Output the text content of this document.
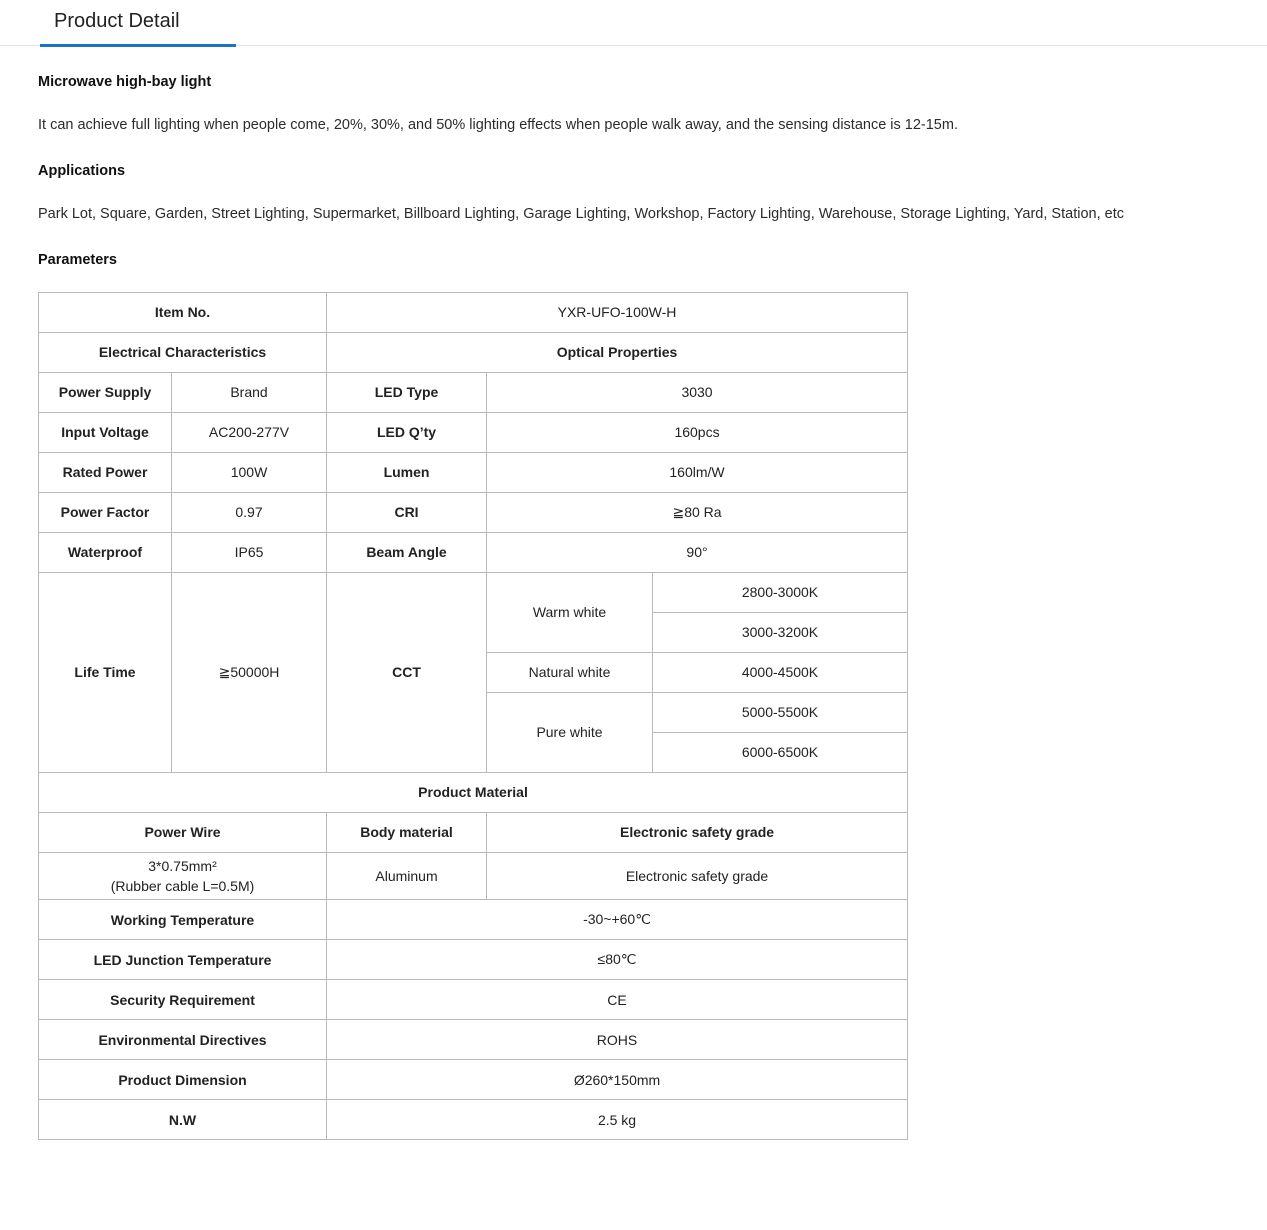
Product Detail
Microwave high-bay light

It can achieve full lighting when people come, 20%, 30%, and 50% lighting effects when people walk away, and the sensing distance is 12-15m.

Applications

Park Lot, Square, Garden, Street Lighting, Supermarket, Billboard Lighting, Garage Lighting, Workshop, Factory Lighting, Warehouse, Storage Lighting, Yard, Station, etc

Parameters
Item No.		YXR-UFO-100W-H		
Electrical Characteristics		Optical Properties		
Power Supply	Brand	LED Type	3030	
Input Voltage	AC200-277V	LED Q’ty	160pcs	
Rated Power	100W	Lumen	160lm/W	
Power Factor	0.97	CRI	≧80 Ra	
Waterproof	IP65	Beam Angle	90°	
Life Time	≧50000H	CCT	Warm white	2800-3000K
				3000-3200K
			Natural white	4000-4500K
			Pure white	5000-5500K
				6000-6500K
Product Material				
Power Wire		Body material	Electronic safety grade	
3*0.75mm²
(Rubber cable L=0.5M)		Aluminum	Electronic safety grade	
Working Temperature		-30~+60℃		
LED Junction Temperature		≤80℃		
Security Requirement		CE		
Environmental Directives		ROHS		
Product Dimension		Ø260*150mm		
N.W		2.5 kg		
